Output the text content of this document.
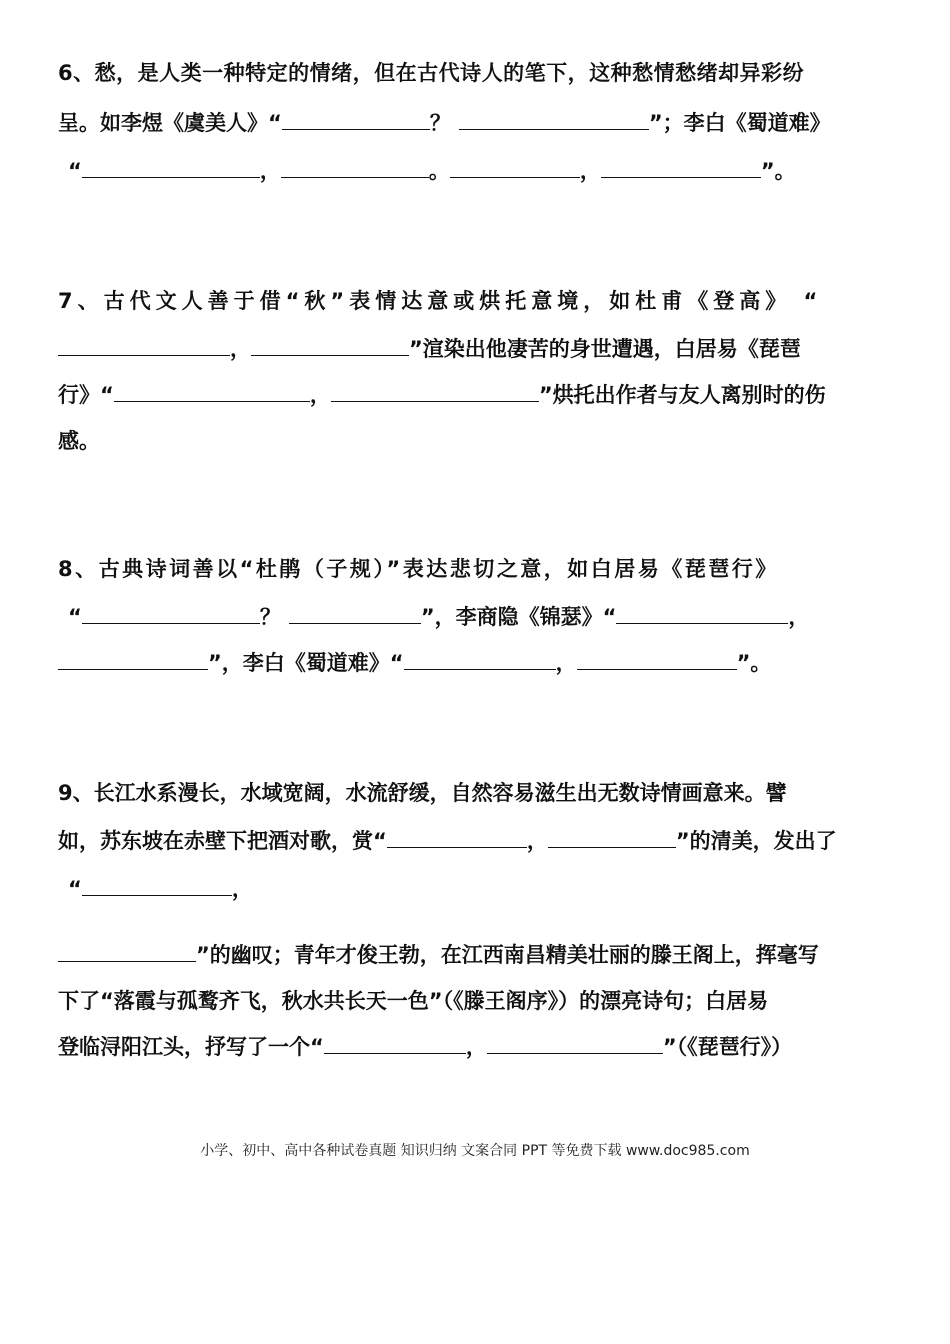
6、愁，是人类一种特定的情绪，但在古代诗人的笔下，这种愁情愁绪却异彩纷
呈。如李煜《虞美人》“	？	”；李白《蜀道难》
“	，	。	，	”。
7、古代文人善于借“秋”表情达意或烘托意境，如杜甫《登高》 “
，	”渲染出他凄苦的身世遭遇，白居易《琵琶
行》“	，	”烘托出作者与友人离别时的伤
感。
8、古典诗词善以“杜鹃（子规）”表达悲切之意，如白居易《琵琶行》
“	？	”，李商隐《锦瑟》“	，
”，李白《蜀道难》“	，	”。
9、长江水系漫长，水域宽阔，水流舒缓，自然容易滋生出无数诗情画意来。譬
如，苏东坡在赤壁下把酒对歌，赏“	，	”的清美，发出了
“	，
”的幽叹；青年才俊王勃，在江西南昌精美壮丽的滕王阁上，挥毫写
下了“落霞与孤鹜齐飞，秋水共长天一色”（《滕王阁序》）的漂亮诗句；白居易
登临浔阳江头，抒写了一个“	，	”（《琵琶行》）
小学、初中、高中各种试卷真题 知识归纳 文案合同 PPT 等免费下载 www.doc985.com
